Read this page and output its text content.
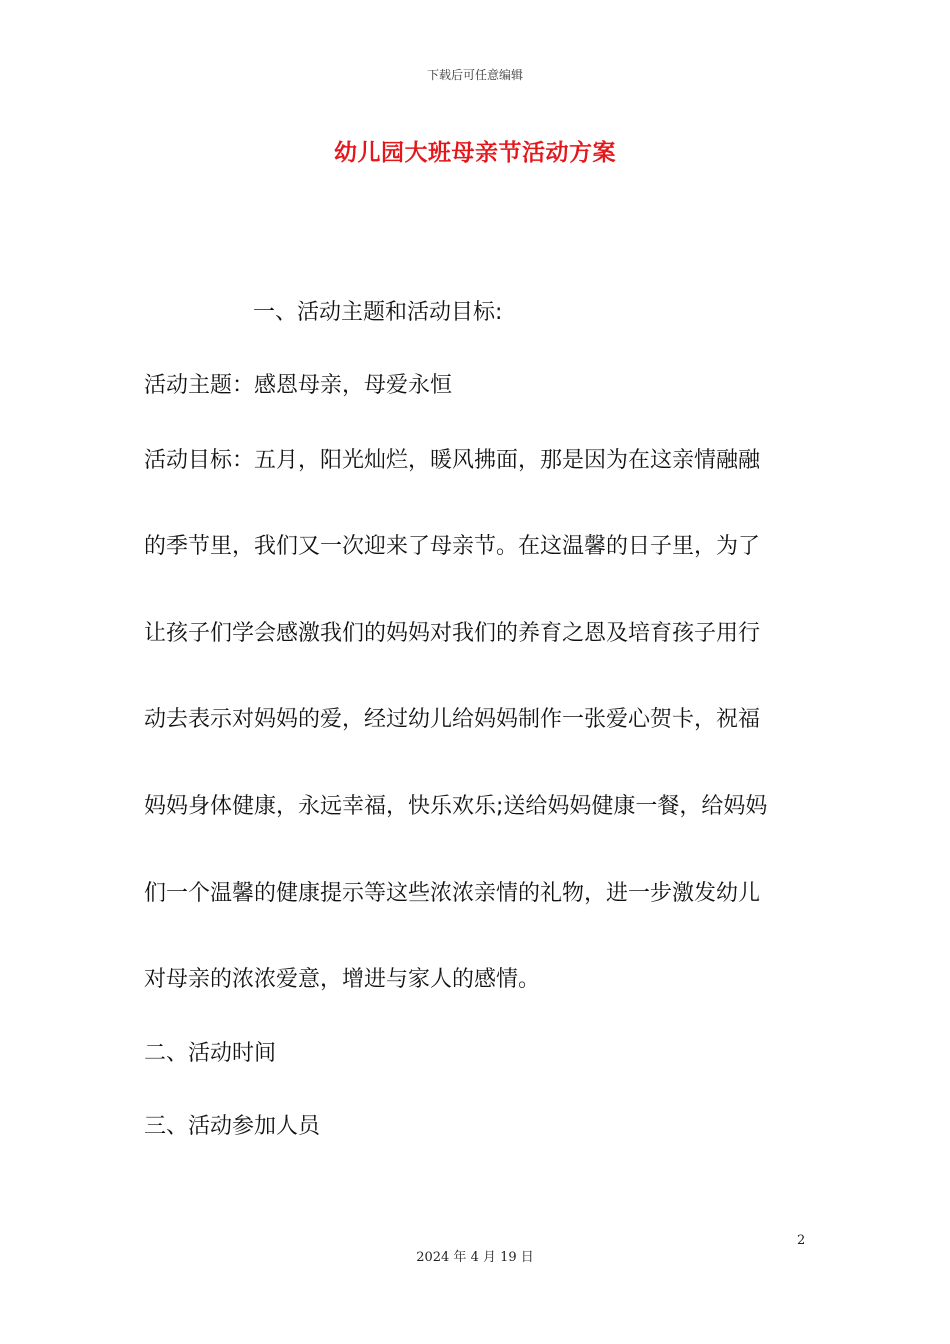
下载后可任意编辑
幼儿园大班母亲节活动方案
一、活动主题和活动目标:
活动主题：感恩母亲，母爱永恒
活动目标：五月，阳光灿烂，暖风拂面，那是因为在这亲情融融
的季节里，我们又一次迎来了母亲节。在这温馨的日子里，为了
让孩子们学会感激我们的妈妈对我们的养育之恩及培育孩子用行
动去表示对妈妈的爱，经过幼儿给妈妈制作一张爱心贺卡，祝福
妈妈身体健康，永远幸福，快乐欢乐;送给妈妈健康一餐，给妈妈
们一个温馨的健康提示等这些浓浓亲情的礼物，进一步激发幼儿
对母亲的浓浓爱意，增进与家人的感情。
二、活动时间
三、活动参加人员
2
2024 年 4 月 19 日
